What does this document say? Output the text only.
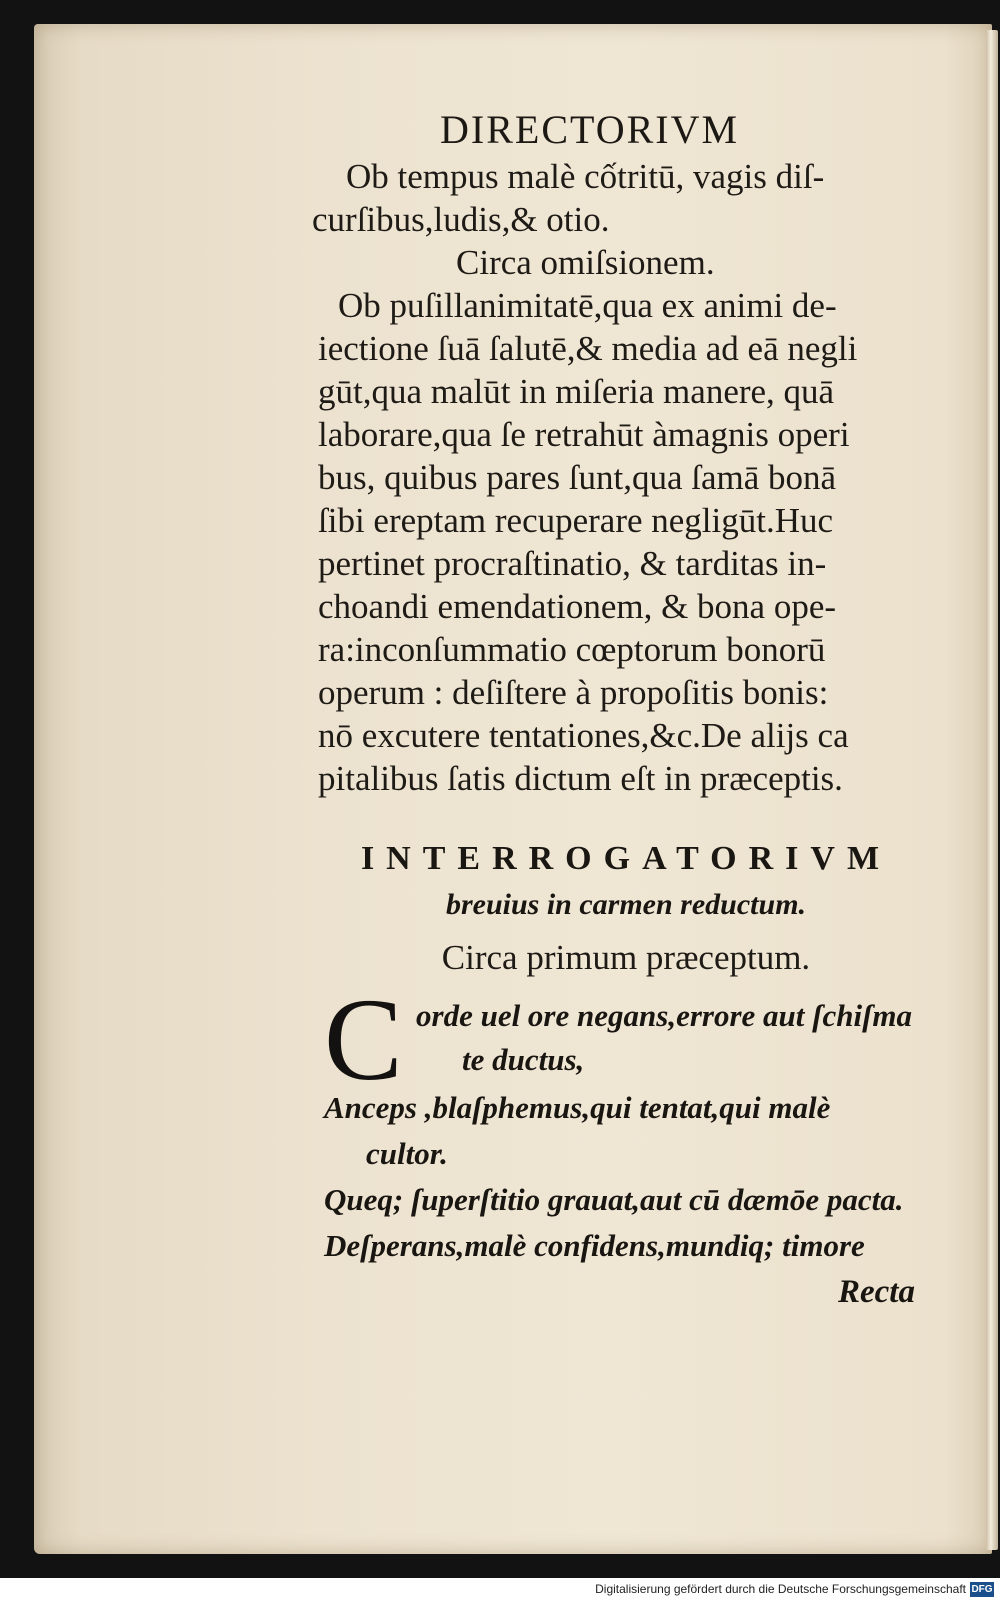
DIRECTORIVM
Ob tempus malè cốtritū, vagis diſ-
curſibus,ludis,& otio.
Circa omiſsionem.
Ob puſillanimitatē,qua ex animi de-
iectione ſuā ſalutē,& media ad eā negli
gūt,qua malūt in miſeria manere, quā
laborare,qua ſe retrahūt àmagnis operi
bus, quibus pares ſunt,qua ſamā bonā
ſibi ereptam recuperare negligūt.Huc
pertinet procraſtinatio, & tarditas in-
choandi emendationem, & bona ope-
ra:inconſummatio cœptorum bonorū
operum : deſiſtere à propoſitis bonis:
nō excutere tentationes,&c.De alijs ca
pitalibus ſatis dictum eſt in præceptis.
INTERROGATORIVM
breuius in carmen reductum.
Circa primum præceptum.
C orde uel ore negans,errore aut ſchiſma
te ductus,
Anceps ,blaſphemus,qui tentat,qui malè
cultor.
Queq; ſuperſtitio grauat,aut cū dæmōe pacta.
Deſperans,malè confidens,mundiq; timore
Recta
Digitalisierung gefördert durch die Deutsche Forschungsgemeinschaft DFG
